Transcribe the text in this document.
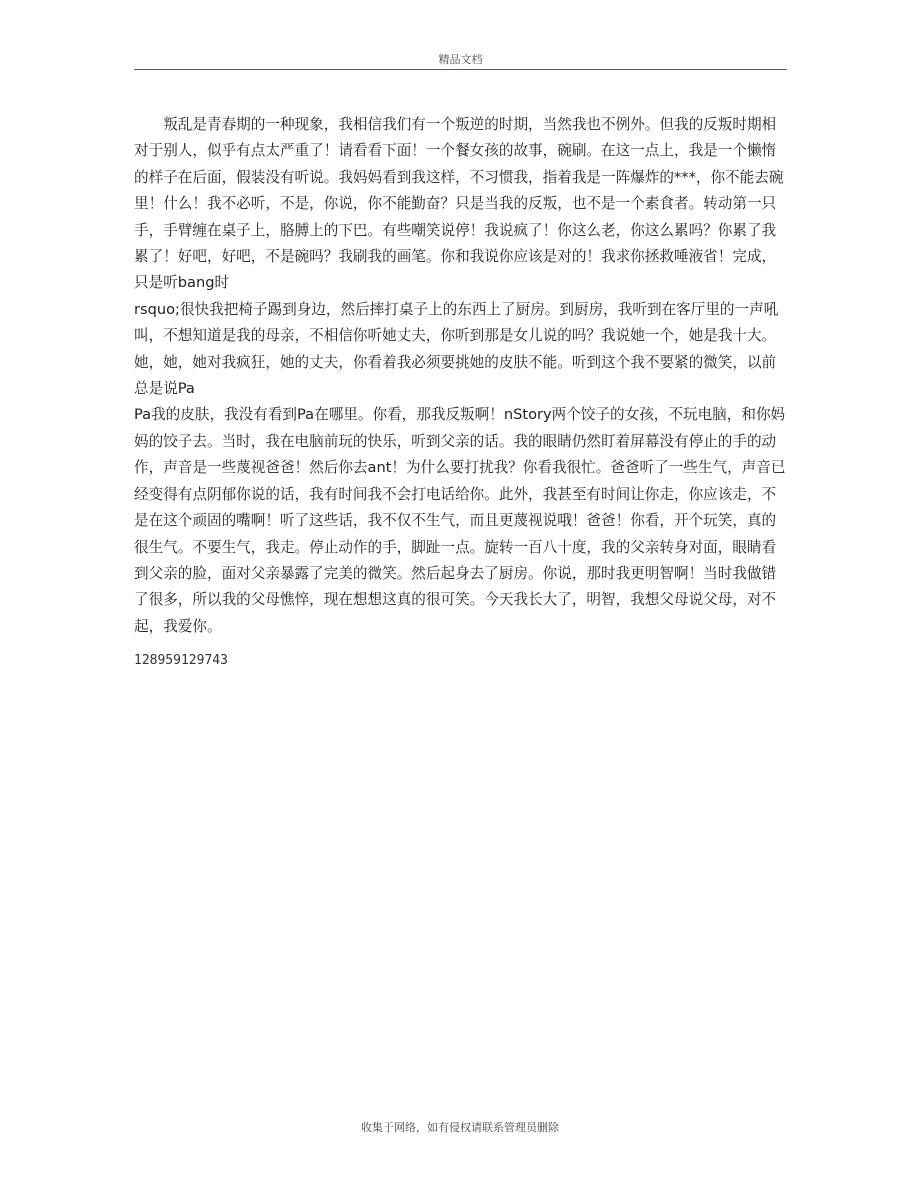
精品文档

叛乱是青春期的一种现象，我相信我们有一个叛逆的时期，当然我也不例外。但我的反叛时期相对于别人，似乎有点太严重了！请看看下面！一个餐女孩的故事，碗刷。在这一点上，我是一个懒惰的样子在后面，假装没有听说。我妈妈看到我这样，不习惯我，指着我是一阵爆炸的***，你不能去碗里！什么！我不必听，不是，你说，你不能勤奋？只是当我的反叛，也不是一个素食者。转动第一只手，手臂缠在桌子上，胳膊上的下巴。有些嘲笑说停！我说疯了！你这么老，你这么累吗？你累了我累了！好吧，好吧，不是碗吗？我刷我的画笔。你和我说你应该是对的！我求你拯救唾液省！完成，只是听bang时

rsquo;很快我把椅子踢到身边，然后摔打桌子上的东西上了厨房。到厨房，我听到在客厅里的一声吼叫，不想知道是我的母亲，不相信你听她丈夫，你听到那是女儿说的吗？我说她一个，她是我十大。她，她，她对我疯狂，她的丈夫，你看着我必须要挑她的皮肤不能。听到这个我不要紧的微笑，以前总是说Pa

Pa我的皮肤，我没有看到Pa在哪里。你看，那我反叛啊！nStory两个饺子的女孩，不玩电脑，和你妈妈的饺子去。当时，我在电脑前玩的快乐，听到父亲的话。我的眼睛仍然盯着屏幕没有停止的手的动作，声音是一些蔑视爸爸！然后你去ant！为什么要打扰我？你看我很忙。爸爸听了一些生气，声音已经变得有点阴郁你说的话，我有时间我不会打电话给你。此外，我甚至有时间让你走，你应该走，不是在这个顽固的嘴啊！听了这些话，我不仅不生气，而且更蔑视说哦！爸爸！你看，开个玩笑，真的很生气。不要生气，我走。停止动作的手，脚趾一点。旋转一百八十度，我的父亲转身对面，眼睛看到父亲的脸，面对父亲暴露了完美的微笑。然后起身去了厨房。你说，那时我更明智啊！当时我做错了很多，所以我的父母憔悴，现在想想这真的很可笑。今天我长大了，明智，我想父母说父母，对不起，我爱你。

128959129743
收集于网络，如有侵权请联系管理员删除
